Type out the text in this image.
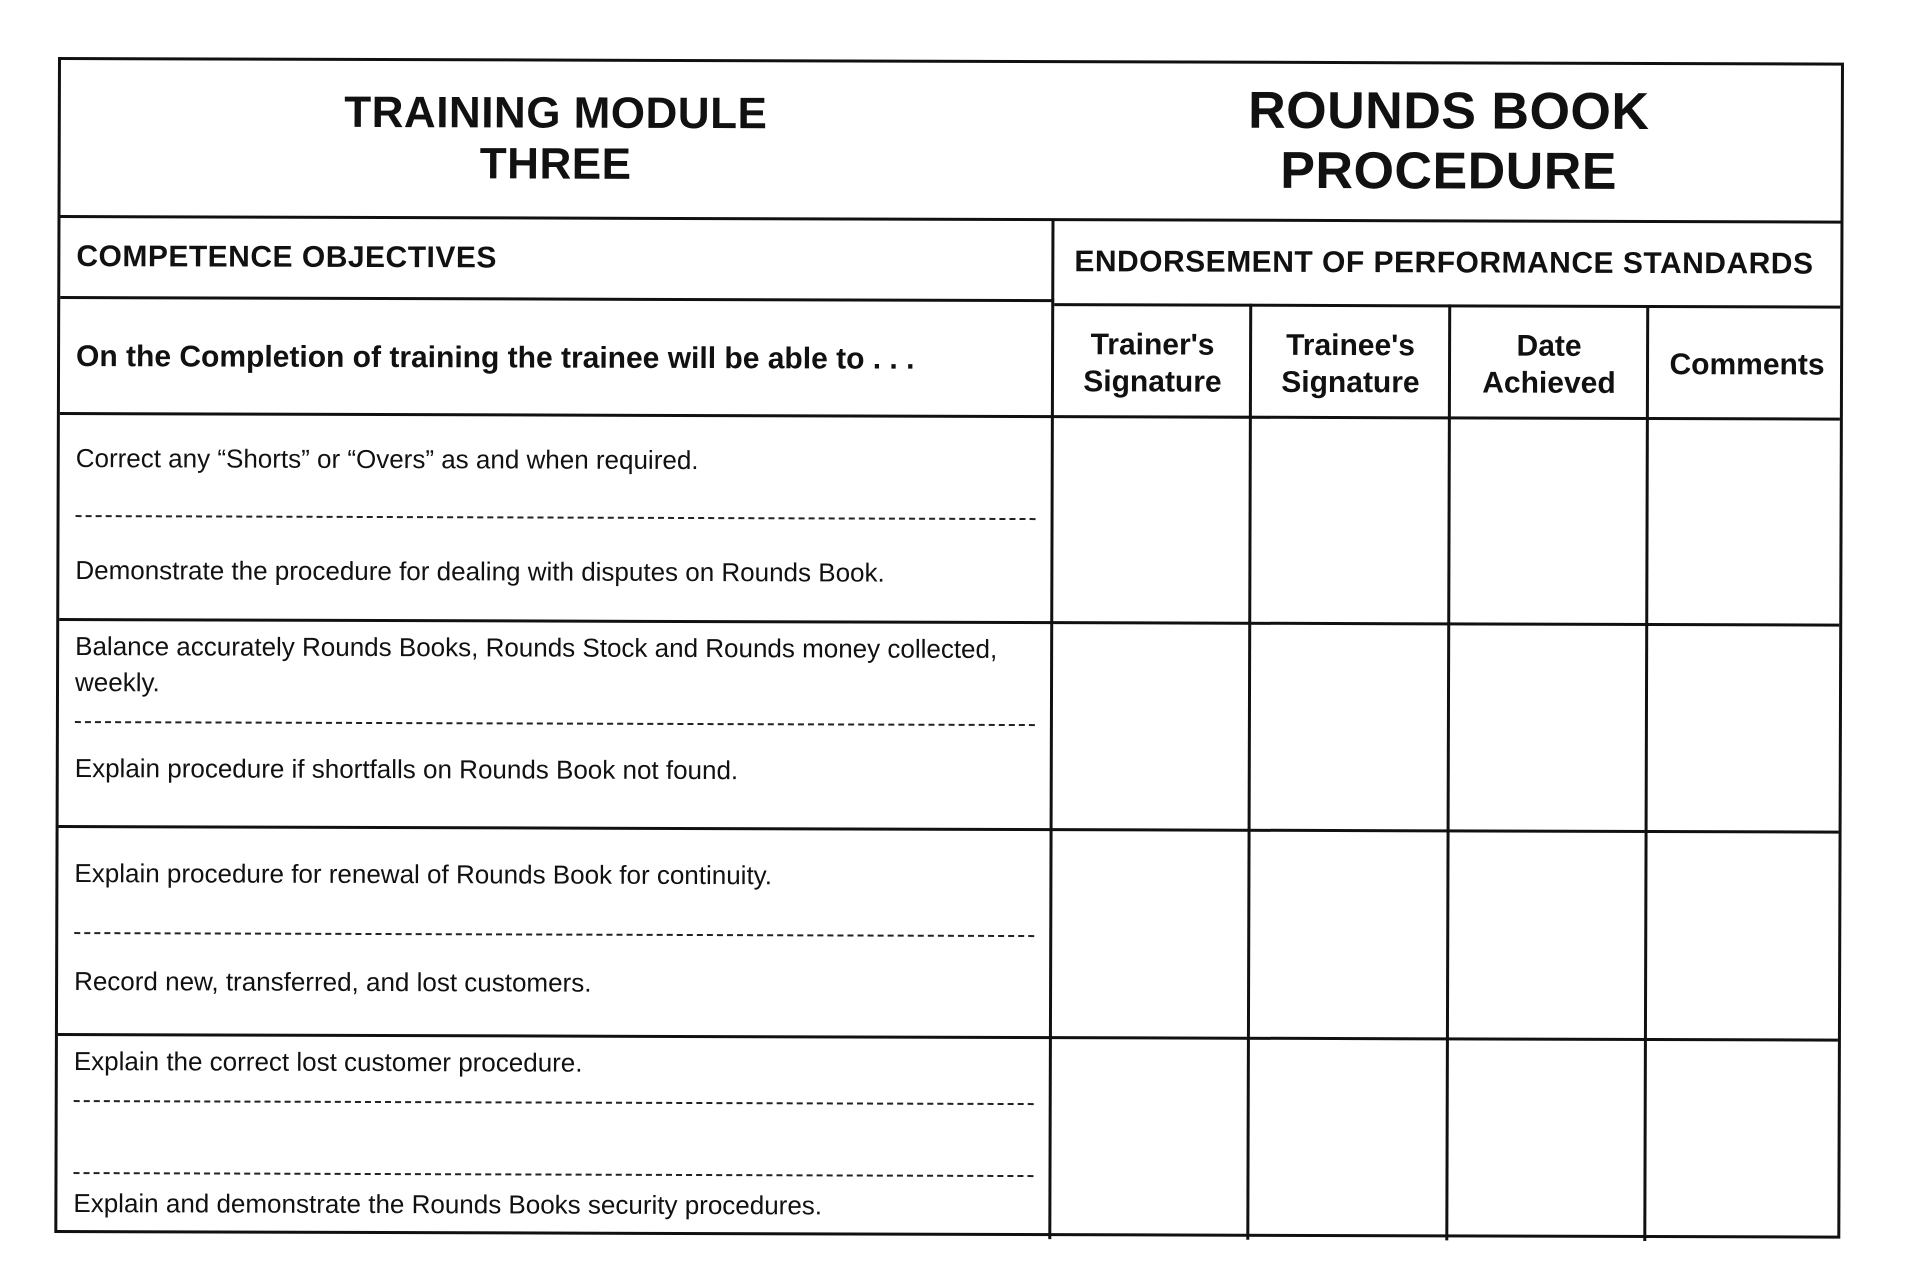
TRAINING MODULE
THREE
ROUNDS BOOK
PROCEDURE
COMPETENCE OBJECTIVES	ENDORSEMENT OF PERFORMANCE STANDARDS
On the Completion of training the trainee will be able to . . .	Trainer's
Signature
Trainee's
Signature
Date
Achieved
Comments
Correct any “Shorts” or “Overs” as and when required.
Demonstrate the procedure for dealing with disputes on Rounds Book.
Balance accurately Rounds Books, Rounds Stock and Rounds money collected, weekly.
Explain procedure if shortfalls on Rounds Book not found.
Explain procedure for renewal of Rounds Book for continuity.
Record new, transferred, and lost customers.
Explain the correct lost customer procedure.
Explain and demonstrate the Rounds Books security procedures.
